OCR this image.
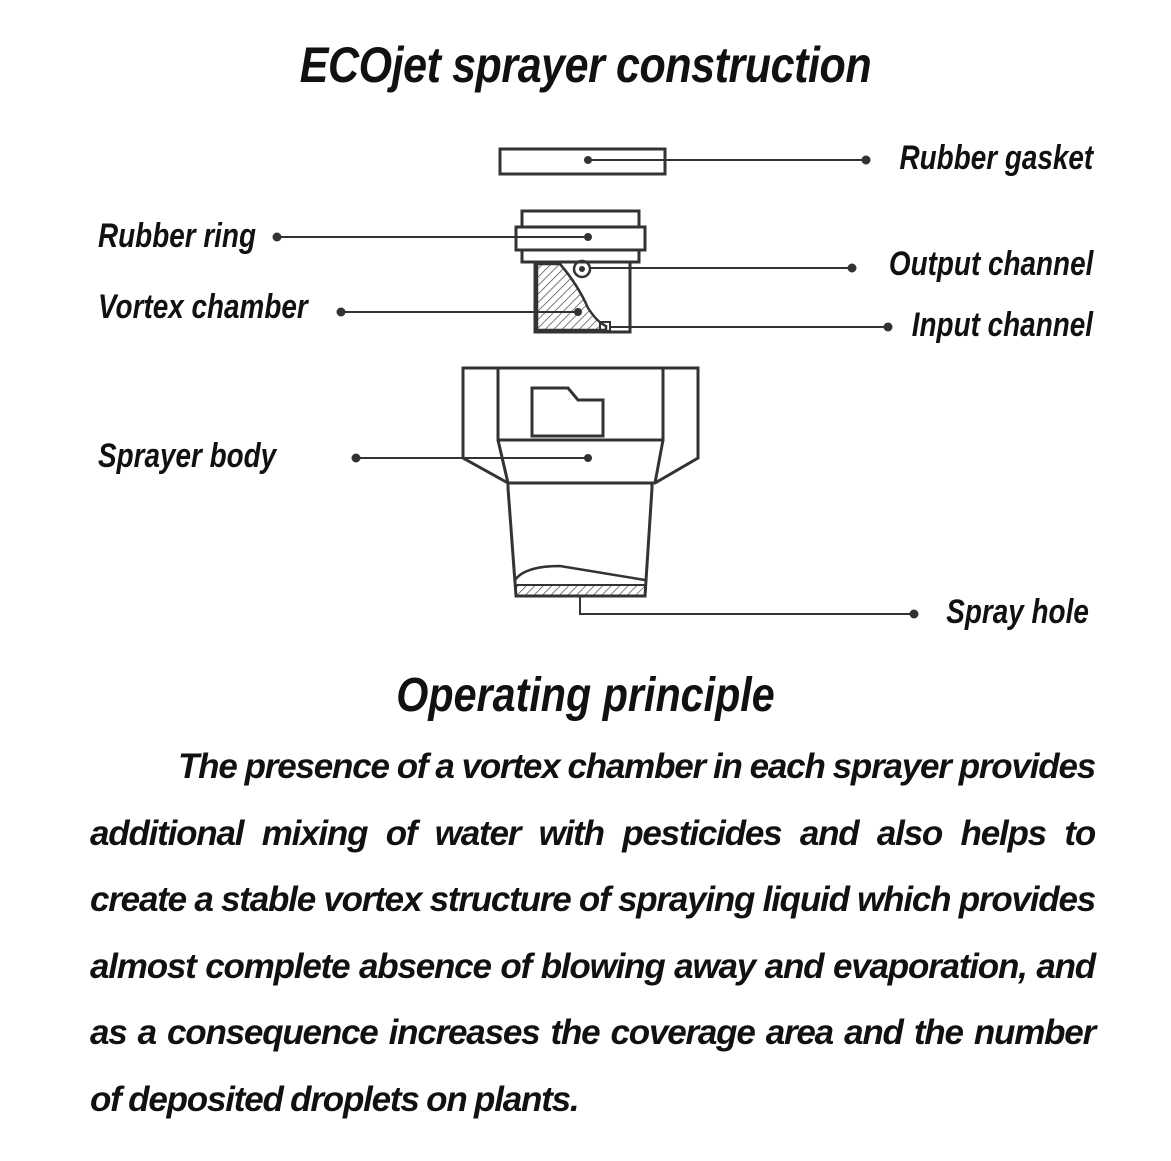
ECOjet sprayer construction
Rubber gasket
Rubber ring
Output channel
Vortex chamber	Input channel
Sprayer body
Spray hole
Operating principle

The presence of a vortex chamber in each sprayer provides additional mixing of water with pesticides and also helps to create a stable vortex structure of spraying liquid which provides almost complete absence of blowing away and evaporation, and as a consequence increases the coverage area and the number of deposited droplets on plants.
